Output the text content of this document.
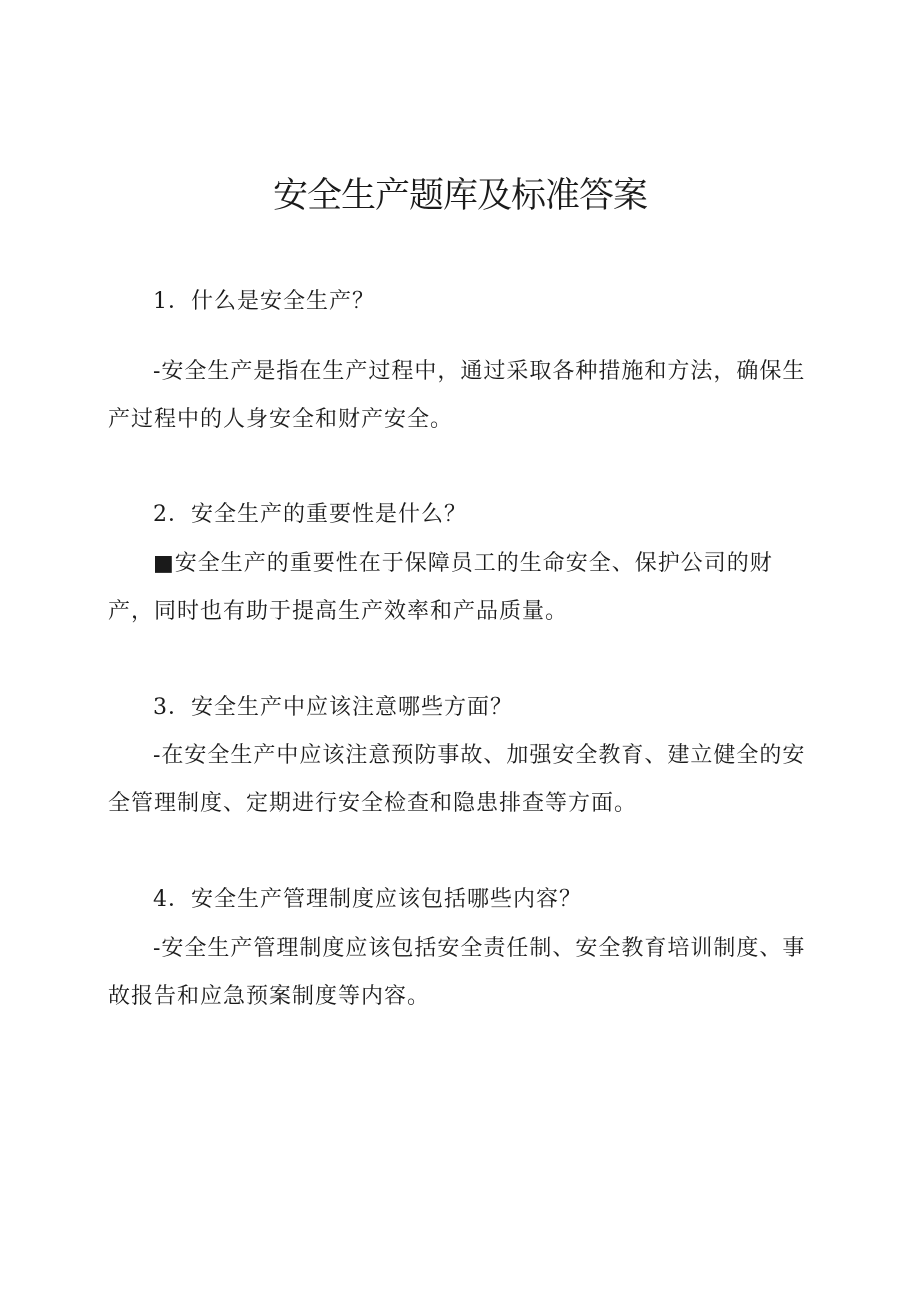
安全生产题库及标准答案

1．什么是安全生产？

-安全生产是指在生产过程中，通过采取各种措施和方法，确保生产过程中的人身安全和财产安全。

2．安全生产的重要性是什么？

■安全生产的重要性在于保障员工的生命安全、保护公司的财产，同时也有助于提高生产效率和产品质量。

3．安全生产中应该注意哪些方面？

-在安全生产中应该注意预防事故、加强安全教育、建立健全的安全管理制度、定期进行安全检查和隐患排查等方面。

4．安全生产管理制度应该包括哪些内容？

-安全生产管理制度应该包括安全责任制、安全教育培训制度、事故报告和应急预案制度等内容。
